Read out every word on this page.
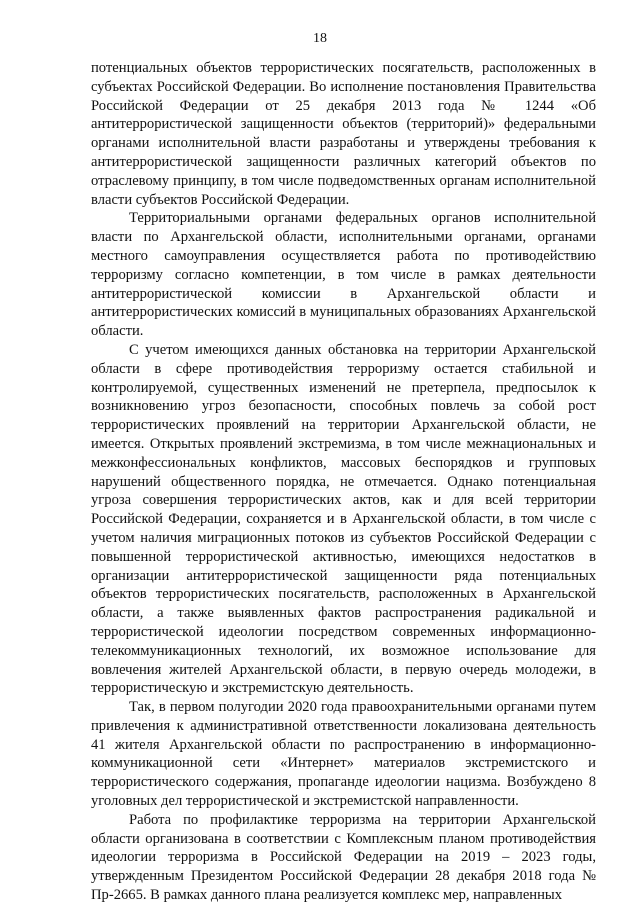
18

потенциальных объектов террористических посягательств, расположенных в субъектах Российской Федерации. Во исполнение постановления Правительства Российской Федерации от 25 декабря 2013 года № 1244 «Об антитеррористической защищенности объектов (территорий)» федеральными органами исполнительной власти разработаны и утверждены требования к антитеррористической защищенности различных категорий объектов по отраслевому принципу, в том числе подведомственных органам исполнительной власти субъектов Российской Федерации.

Территориальными органами федеральных органов исполнительной власти по Архангельской области, исполнительными органами, органами местного самоуправления осуществляется работа по противодействию терроризму согласно компетенции, в том числе в рамках деятельности антитеррористической комиссии в Архангельской области и антитеррористических комиссий в муниципальных образованиях Архангельской области.

С учетом имеющихся данных обстановка на территории Архангельской области в сфере противодействия терроризму остается стабильной и контролируемой, существенных изменений не претерпела, предпосылок к возникновению угроз безопасности, способных повлечь за собой рост террористических проявлений на территории Архангельской области, не имеется. Открытых проявлений экстремизма, в том числе межнациональных и межконфессиональных конфликтов, массовых беспорядков и групповых нарушений общественного порядка, не отмечается. Однако потенциальная угроза совершения террористических актов, как и для всей территории Российской Федерации, сохраняется и в Архангельской области, в том числе с учетом наличия миграционных потоков из субъектов Российской Федерации с повышенной террористической активностью, имеющихся недостатков в организации антитеррористической защищенности ряда потенциальных объектов террористических посягательств, расположенных в Архангельской области, а также выявленных фактов распространения радикальной и террористической идеологии посредством современных информационно-телекоммуникационных технологий, их возможное использование для вовлечения жителей Архангельской области, в первую очередь молодежи, в террористическую и экстремистскую деятельность.

Так, в первом полугодии 2020 года правоохранительными органами путем привлечения к административной ответственности локализована деятельность 41 жителя Архангельской области по распространению в информационно-коммуникационной сети «Интернет» материалов экстремистского и террористического содержания, пропаганде идеологии нацизма. Возбуждено 8 уголовных дел террористической и экстремистской направленности.

Работа по профилактике терроризма на территории Архангельской области организована в соответствии с Комплексным планом противодействия идеологии терроризма в Российской Федерации на 2019 – 2023 годы, утвержденным Президентом Российской Федерации 28 декабря 2018 года № Пр-2665. В рамках данного плана реализуется комплекс мер, направленных
